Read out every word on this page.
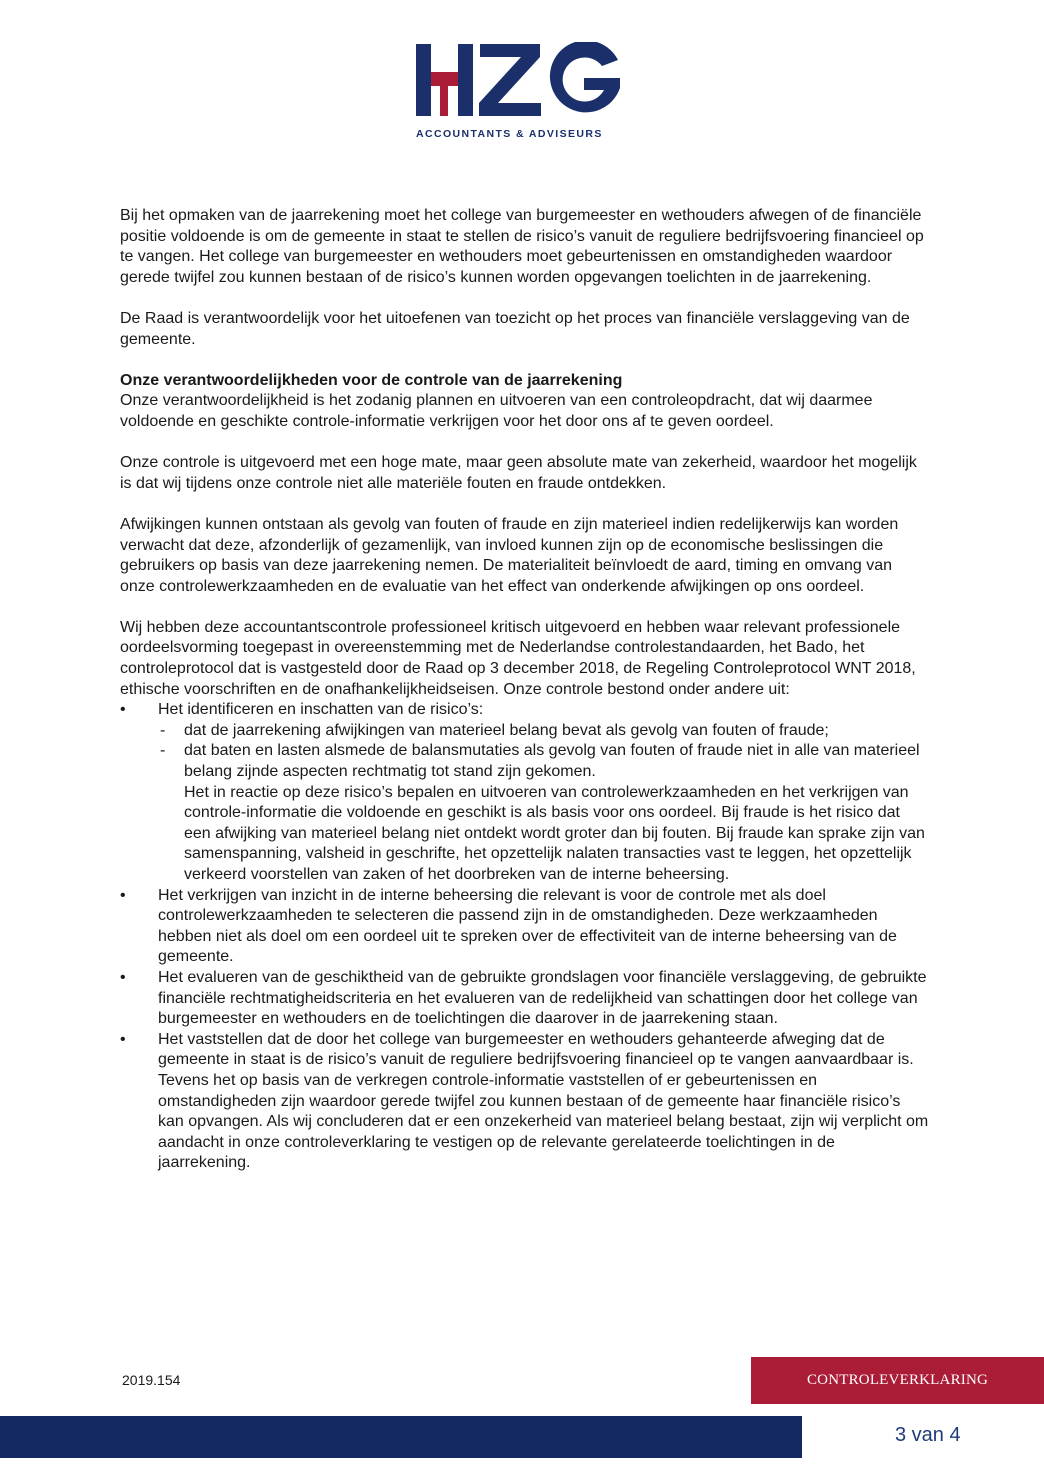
ACCOUNTANTS & ADVISEURS

Bij het opmaken van de jaarrekening moet het college van burgemeester en wethouders afwegen of de financiële positie voldoende is om de gemeente in staat te stellen de risico’s vanuit de reguliere bedrijfsvoering financieel op te vangen. Het college van burgemeester en wethouders moet gebeurtenissen en omstandigheden waardoor gerede twijfel zou kunnen bestaan of de risico’s kunnen worden opgevangen toelichten in de jaarrekening.

De Raad is verantwoordelijk voor het uitoefenen van toezicht op het proces van financiële verslaggeving van de gemeente.

Onze verantwoordelijkheden voor de controle van de jaarrekening

Onze verantwoordelijkheid is het zodanig plannen en uitvoeren van een controleopdracht, dat wij daarmee voldoende en geschikte controle-informatie verkrijgen voor het door ons af te geven oordeel.

Onze controle is uitgevoerd met een hoge mate, maar geen absolute mate van zekerheid, waardoor het mogelijk is dat wij tijdens onze controle niet alle materiële fouten en fraude ontdekken.

Afwijkingen kunnen ontstaan als gevolg van fouten of fraude en zijn materieel indien redelijkerwijs kan worden verwacht dat deze, afzonderlijk of gezamenlijk, van invloed kunnen zijn op de economische beslissingen die gebruikers op basis van deze jaarrekening nemen. De materialiteit beïnvloedt de aard, timing en omvang van onze controlewerkzaamheden en de evaluatie van het effect van onderkende afwijkingen op ons oordeel.

Wij hebben deze accountantscontrole professioneel kritisch uitgevoerd en hebben waar relevant professionele oordeelsvorming toegepast in overeenstemming met de Nederlandse controlestandaarden, het Bado, het controleprotocol dat is vastgesteld door de Raad op 3 december 2018, de Regeling Controleprotocol WNT 2018, ethische voorschriften en de onafhankelijkheidseisen. Onze controle bestond onder andere uit:

•	Het identificeren en inschatten van de risico’s:
- dat de jaarrekening afwijkingen van materieel belang bevat als gevolg van fouten of fraude;
- dat baten en lasten alsmede de balansmutaties als gevolg van fouten of fraude niet in alle van materieel belang zijnde aspecten rechtmatig tot stand zijn gekomen.
Het in reactie op deze risico’s bepalen en uitvoeren van controlewerkzaamheden en het verkrijgen van controle-informatie die voldoende en geschikt is als basis voor ons oordeel. Bij fraude is het risico dat een afwijking van materieel belang niet ontdekt wordt groter dan bij fouten. Bij fraude kan sprake zijn van samenspanning, valsheid in geschrifte, het opzettelijk nalaten transacties vast te leggen, het opzettelijk verkeerd voorstellen van zaken of het doorbreken van de interne beheersing.
•	Het verkrijgen van inzicht in de interne beheersing die relevant is voor de controle met als doel controlewerkzaamheden te selecteren die passend zijn in de omstandigheden. Deze werkzaamheden hebben niet als doel om een oordeel uit te spreken over de effectiviteit van de interne beheersing van de gemeente.
•	Het evalueren van de geschiktheid van de gebruikte grondslagen voor financiële verslaggeving, de gebruikte financiële rechtmatigheidscriteria en het evalueren van de redelijkheid van schattingen door het college van burgemeester en wethouders en de toelichtingen die daarover in de jaarrekening staan.
•	Het vaststellen dat de door het college van burgemeester en wethouders gehanteerde afweging dat de gemeente in staat is de risico’s vanuit de reguliere bedrijfsvoering financieel op te vangen aanvaardbaar is. Tevens het op basis van de verkregen controle-informatie vaststellen of er gebeurtenissen en omstandigheden zijn waardoor gerede twijfel zou kunnen bestaan of de gemeente haar financiële risico’s kan opvangen. Als wij concluderen dat er een onzekerheid van materieel belang bestaat, zijn wij verplicht om aandacht in onze controleverklaring te vestigen op de relevante gerelateerde toelichtingen in de jaarrekening.
2019.154	CONTROLEVERKLARING
3 van 4
